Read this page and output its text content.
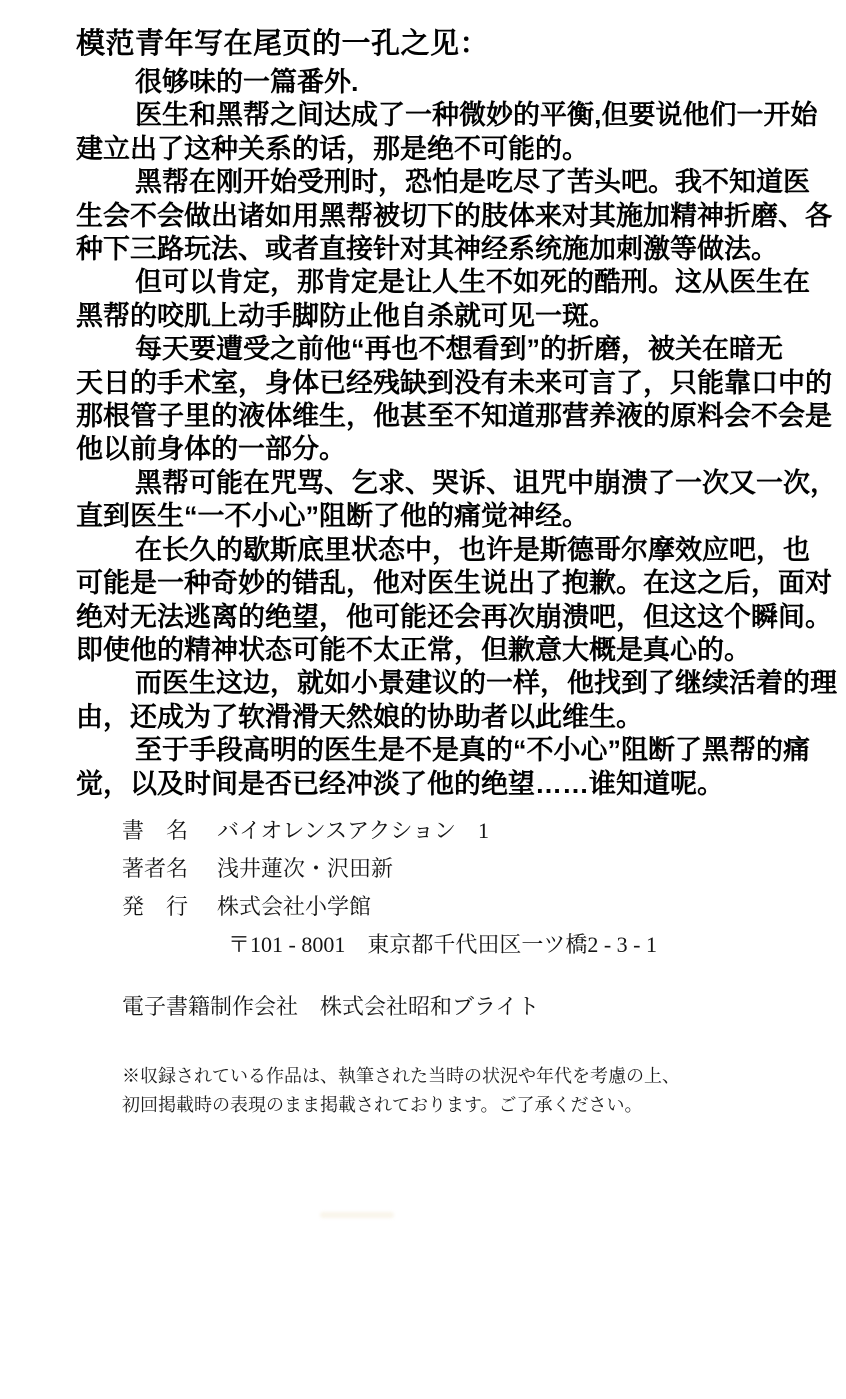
模范青年写在尾页的一孔之见：
很够味的一篇番外.
医生和黑帮之间达成了一种微妙的平衡,但要说他们一开始
建立出了这种关系的话，那是绝不可能的。
黑帮在刚开始受刑时，恐怕是吃尽了苦头吧。我不知道医
生会不会做出诸如用黑帮被切下的肢体来对其施加精神折磨、各
种下三路玩法、或者直接针对其神经系统施加刺激等做法。
但可以肯定，那肯定是让人生不如死的酷刑。这从医生在
黑帮的咬肌上动手脚防止他自杀就可见一斑。
每天要遭受之前他“再也不想看到”的折磨，被关在暗无
天日的手术室，身体已经残缺到没有未来可言了，只能靠口中的
那根管子里的液体维生，他甚至不知道那营养液的原料会不会是
他以前身体的一部分。
黑帮可能在咒骂、乞求、哭诉、诅咒中崩溃了一次又一次，
直到医生“一不小心”阻断了他的痛觉神经。
在长久的歇斯底里状态中，也许是斯德哥尔摩效应吧，也
可能是一种奇妙的错乱，他对医生说出了抱歉。在这之后，面对
绝对无法逃离的绝望，他可能还会再次崩溃吧，但这这个瞬间。
即使他的精神状态可能不太正常，但歉意大概是真心的。
而医生这边，就如小景建议的一样，他找到了继续活着的理
由，还成为了软滑滑天然娘的协助者以此维生。
至于手段高明的医生是不是真的“不小心”阻断了黑帮的痛
觉，以及时间是否已经冲淡了他的绝望……谁知道呢。
書　名 バイオレンスアクション　1
著者名 浅井蓮次・沢田新
発　行 株式会社小学館
〒101 - 8001　東京都千代田区一ツ橋2 - 3 - 1
電子書籍制作会社　株式会社昭和ブライト
※収録されている作品は、執筆された当時の状況や年代を考慮の上、
初回掲載時の表現のまま掲載されております。ご了承ください。
